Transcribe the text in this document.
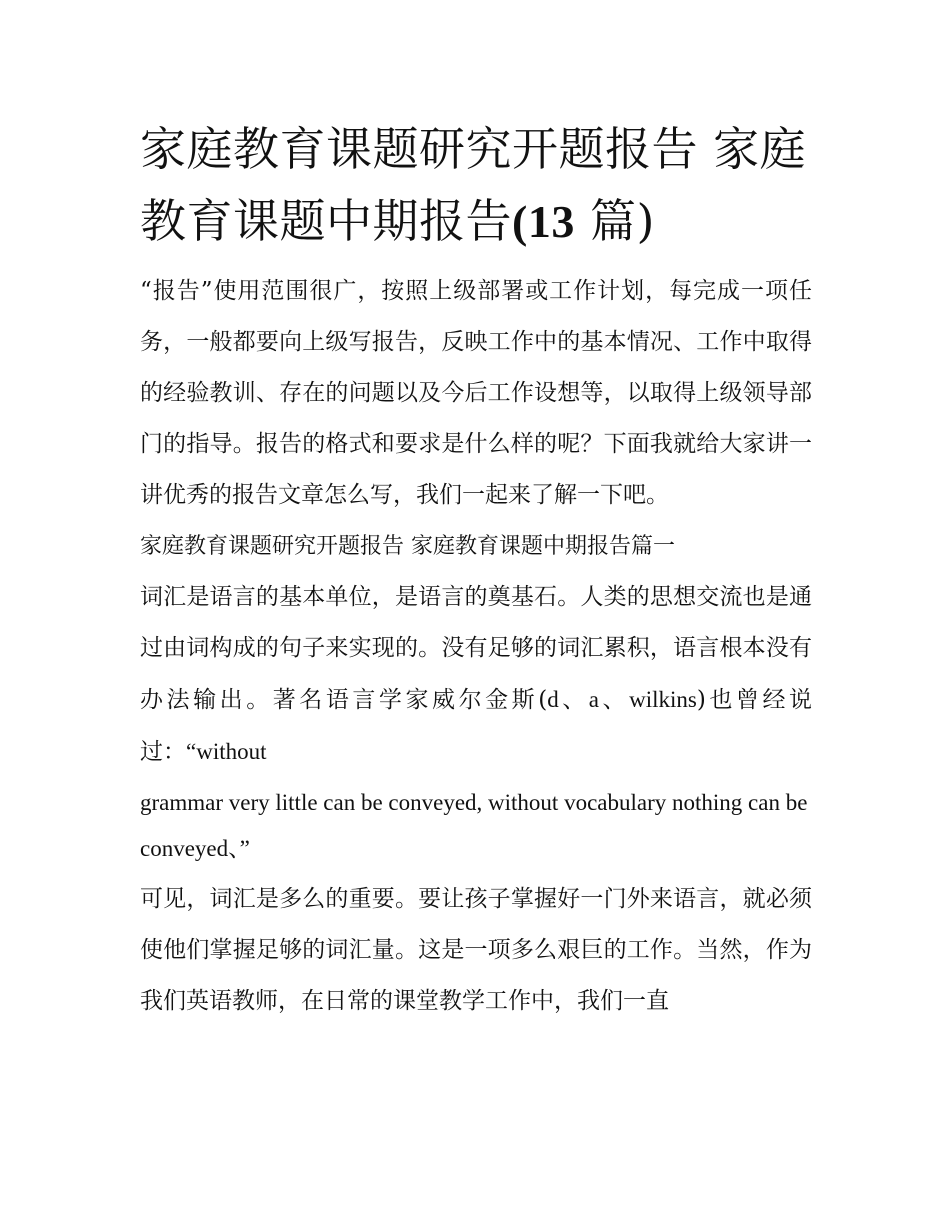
家庭教育课题研究开题报告 家庭教育课题中期报告(13 篇)

“报告”使用范围很广，按照上级部署或工作计划，每完成一项任务，一般都要向上级写报告，反映工作中的基本情况、工作中取得的经验教训、存在的问题以及今后工作设想等，以取得上级领导部门的指导。报告的格式和要求是什么样的呢？下面我就给大家讲一讲优秀的报告文章怎么写，我们一起来了解一下吧。

家庭教育课题研究开题报告 家庭教育课题中期报告篇一

词汇是语言的基本单位，是语言的奠基石。人类的思想交流也是通过由词构成的句子来实现的。没有足够的词汇累积，语言根本没有办法输出。著名语言学家威尔金斯(d、a、wilkins)也曾经说过：“without

grammar very little can be conveyed, without vocabulary nothing can be

conveyed、”

可见，词汇是多么的重要。要让孩子掌握好一门外来语言，就必须使他们掌握足够的词汇量。这是一项多么艰巨的工作。当然，作为我们英语教师，在日常的课堂教学工作中，我们一直
